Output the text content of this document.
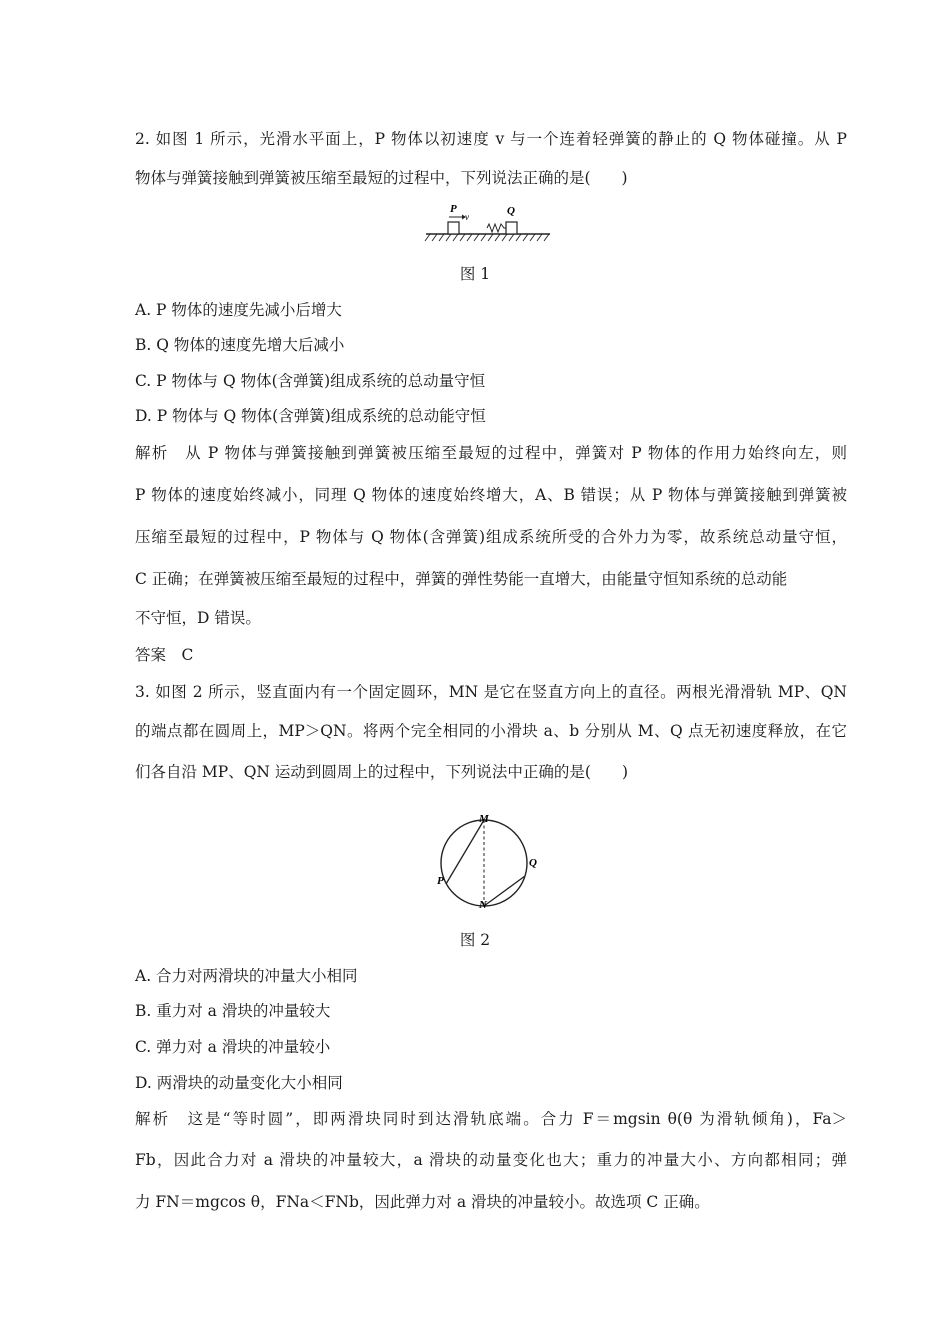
2. 如图 1 所示，光滑水平面上，P 物体以初速度 v 与一个连着轻弹簧的静止的 Q 物体碰撞。从 P
物体与弹簧接触到弹簧被压缩至最短的过程中，下列说法正确的是(　　)
P
v	Q
图 1
A. P 物体的速度先减小后增大
B. Q 物体的速度先增大后减小
C. P 物体与 Q 物体(含弹簧)组成系统的总动量守恒
D. P 物体与 Q 物体(含弹簧)组成系统的总动能守恒
解析　从 P 物体与弹簧接触到弹簧被压缩至最短的过程中，弹簧对 P 物体的作用力始终向左，则
P 物体的速度始终减小，同理 Q 物体的速度始终增大，A、B 错误；从 P 物体与弹簧接触到弹簧被
压缩至最短的过程中，P 物体与 Q 物体(含弹簧)组成系统所受的合外力为零，故系统总动量守恒，
C 正确；在弹簧被压缩至最短的过程中，弹簧的弹性势能一直增大，由能量守恒知系统的总动能
不守恒，D 错误。
答案　C
3. 如图 2 所示，竖直面内有一个固定圆环，MN 是它在竖直方向上的直径。两根光滑滑轨 MP、QN
的端点都在圆周上，MP＞QN。将两个完全相同的小滑块 a、b 分别从 M、Q 点无初速度释放，在它
们各自沿 MP、QN 运动到圆周上的过程中，下列说法中正确的是(　　)
M
N
P
Q
图 2
A. 合力对两滑块的冲量大小相同
B. 重力对 a 滑块的冲量较大
C. 弹力对 a 滑块的冲量较小
D. 两滑块的动量变化大小相同
解析　这是“等时圆”，即两滑块同时到达滑轨底端。合力 F＝mgsin θ(θ 为滑轨倾角)，Fa＞
Fb，因此合力对 a 滑块的冲量较大，a 滑块的动量变化也大；重力的冲量大小、方向都相同；弹
力 FN＝mgcos θ，FNa＜FNb，因此弹力对 a 滑块的冲量较小。故选项 C 正确。
